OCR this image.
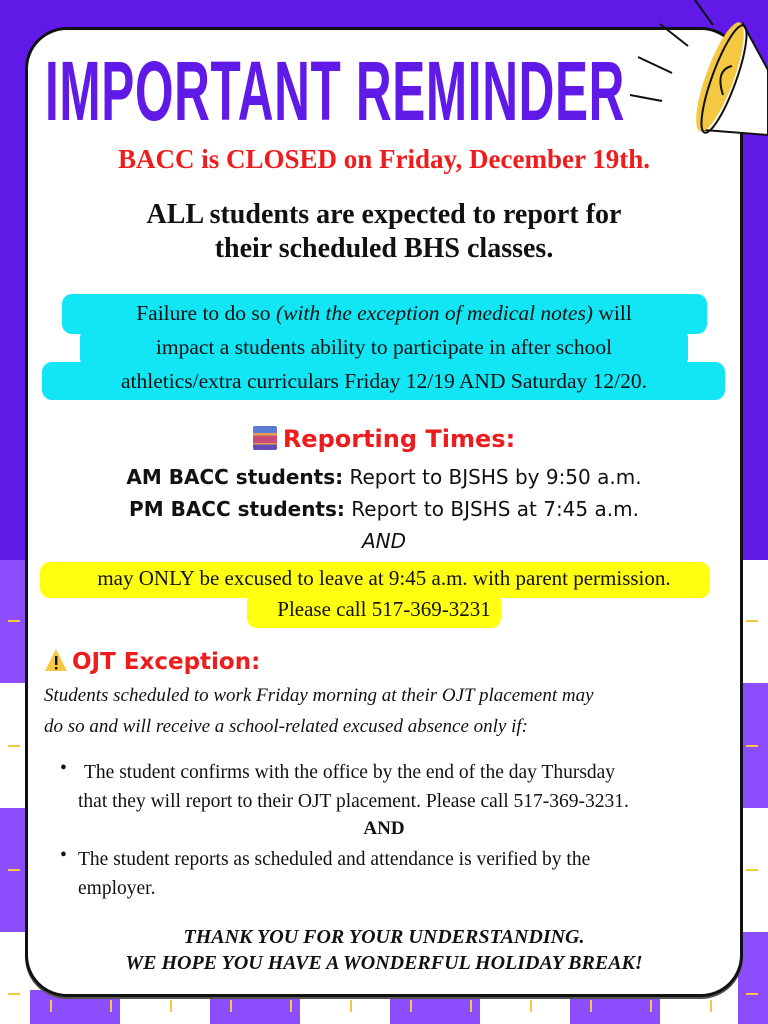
IMPORTANT REMINDER
BACC is CLOSED on Friday, December 19th.
ALL students are expected to report for
their scheduled BHS classes.
Failure to do so (with the exception of medical notes) will
impact a students ability to participate in after school
athletics/extra curriculars Friday 12/19 AND Saturday 12/20.
Reporting Times:
AM BACC students: Report to BJSHS by 9:50 a.m.
PM BACC students: Report to BJSHS at 7:45 a.m.
AND
may ONLY be excused to leave at 9:45 a.m. with parent permission.
Please call 517-369-3231
OJT Exception:
Students scheduled to work Friday morning at their OJT placement may
do so and will receive a school-related excused absence only if:
• The student confirms with the office by the end of the day Thursday
that they will report to their OJT placement. Please call 517-369-3231.
AND
• The student reports as scheduled and attendance is verified by the
employer.
THANK YOU FOR YOUR UNDERSTANDING.
WE HOPE YOU HAVE A WONDERFUL HOLIDAY BREAK!
